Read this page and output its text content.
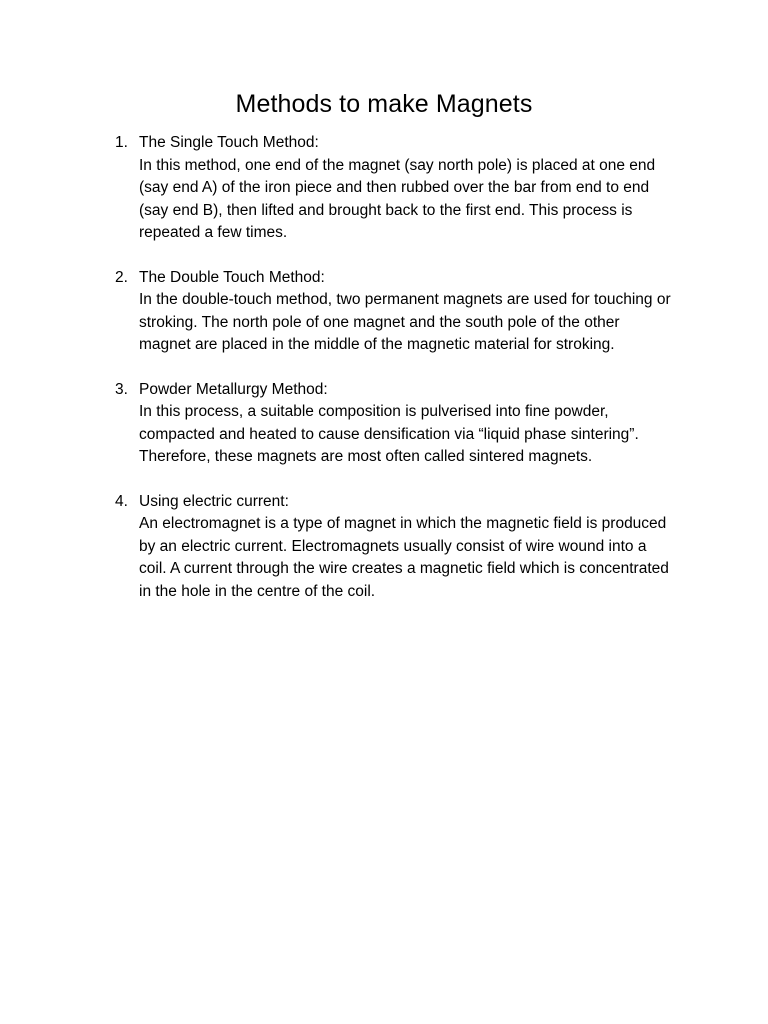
Methods to make Magnets
1. The Single Touch Method:
In this method, one end of the magnet (say north pole) is placed at one end (say end A) of the iron piece and then rubbed over the bar from end to end (say end B), then lifted and brought back to the first end. This process is repeated a few times.
2. The Double Touch Method:
In the double-touch method, two permanent magnets are used for touching or stroking. The north pole of one magnet and the south pole of the other magnet are placed in the middle of the magnetic material for stroking.
3. Powder Metallurgy Method:
In this process, a suitable composition is pulverised into fine powder, compacted and heated to cause densification via “liquid phase sintering”. Therefore, these magnets are most often called sintered magnets.
4. Using electric current:
An electromagnet is a type of magnet in which the magnetic field is produced by an electric current. Electromagnets usually consist of wire wound into a coil. A current through the wire creates a magnetic field which is concentrated in the hole in the centre of the coil.
